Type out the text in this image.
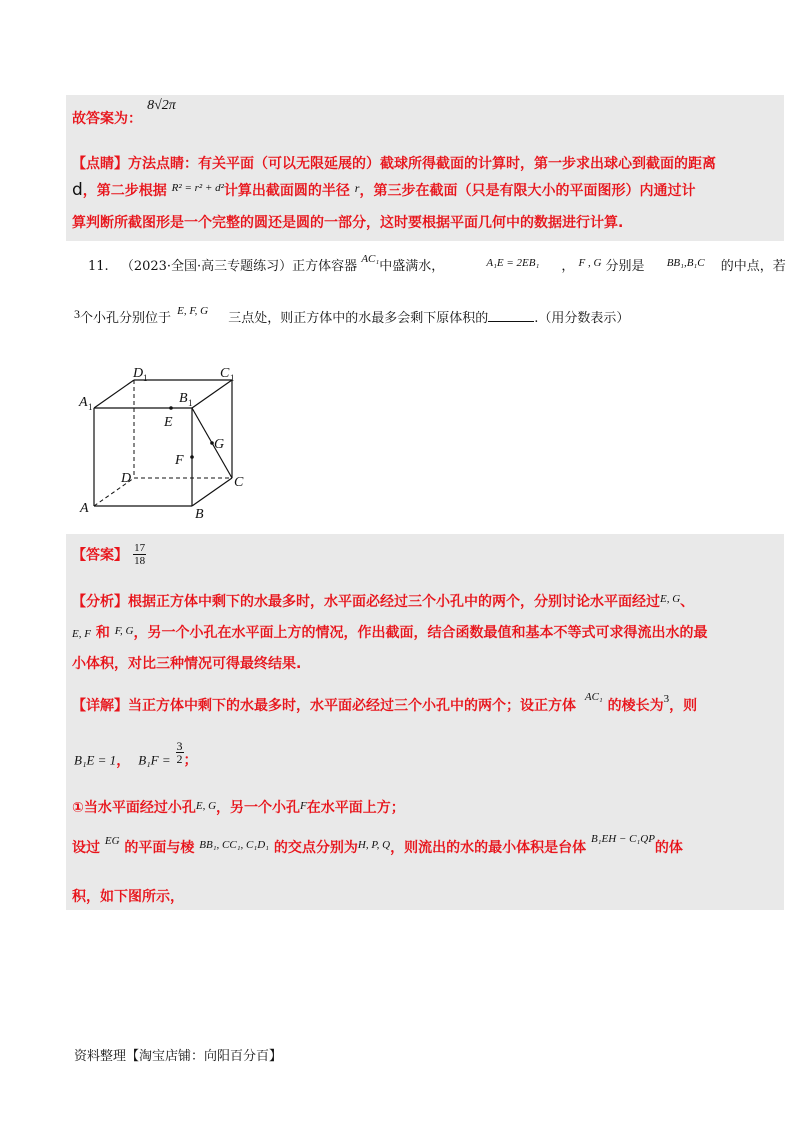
故答案为： 8√2π
【点睛】方法点睛：有关平面（可以无限延展的）截球所得截面的计算时，第一步求出球心到截面的距离
d，第二步根据 $^{R^2 = r^2 + d^2}$计算出截面圆的半径 r，第三步在截面（只是有限大小的平面图形）内通过计
算判断所截图形是一个完整的圆还是圆的一部分，这时要根据平面几何中的数据进行计算.
11. （2023·全国·高三专题练习）正方体容器 $^{AC_1}$中盛满水，	$^{A_1E = 2EB_1}$ ， $^{F , G}$ 分别是 $^{BB_1,B_1C}$ 的中点，若
3个小孔分别位于 $^{E, F, G}$ 三点处，则正方体中的水最多会剩下原体积的	.（用分数表示）
A 1
D 1	C 1
B 1
E
G
F
D	C
A	B
【答案】 $\frac{17}{18}$
【分析】根据正方体中剩下的水最多时，水平面必经过三个小孔中的两个，分别讨论水平面经过$^{E, G}$、
E, F 和 $^{F, G}$，另一个小孔在水平面上方的情况，作出截面，结合函数最值和基本不等式可求得流出水的最
小体积，对比三种情况可得最终结果.
【详解】当正方体中剩下的水最多时，水平面必经过三个小孔中的两个；设正方体 $^{AC_1}$ 的棱长为$^3$，则
B₁E = 1， $B_1F = \frac{3}{2}$ ；
①当水平面经过小孔$^{E, G}$，另一个小孔$^F$在水平面上方；
设过 $^{EG}$ 的平面与棱 $^{BB_1, CC_1, C_1D_1}$ 的交点分别为$^{H, P, Q}$，则流出的水的最小体积是台体 $^{B_1EH - C_1QP}$的体
积，如下图所示，
资料整理【淘宝店铺：向阳百分百】
